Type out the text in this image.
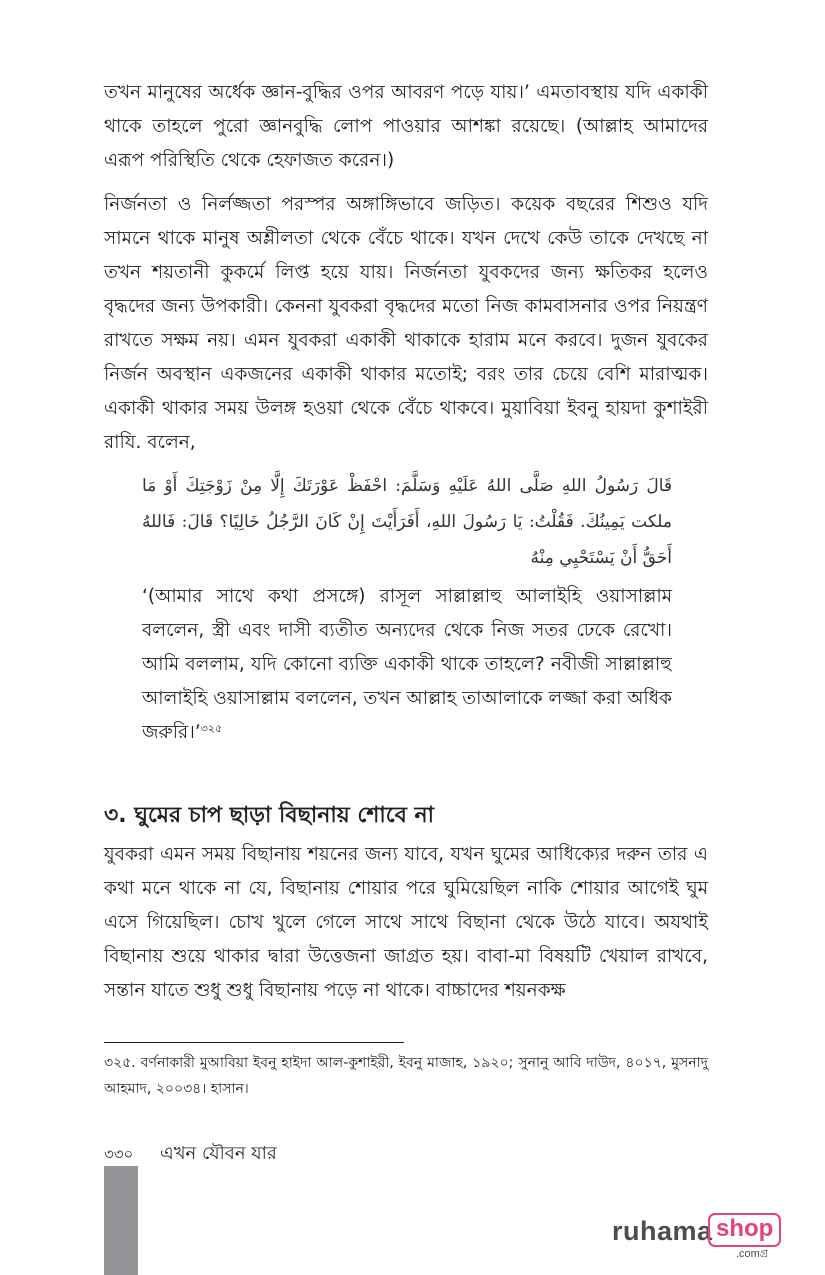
তখন মানুষের অর্ধেক জ্ঞান-বুদ্ধির ওপর আবরণ পড়ে যায়।’ এমতাবস্থায় যদি একাকী থাকে তাহলে পুরো জ্ঞানবুদ্ধি লোপ পাওয়ার আশঙ্কা রয়েছে। (আল্লাহ আমাদের এরূপ পরিস্থিতি থেকে হেফাজত করেন।)

নির্জনতা ও নির্লজ্জতা পরস্পর অঙ্গাঙ্গিভাবে জড়িত। কয়েক বছরের শিশুও যদি সামনে থাকে মানুষ অশ্লীলতা থেকে বেঁচে থাকে। যখন দেখে কেউ তাকে দেখছে না তখন শয়তানী কুকর্মে লিপ্ত হয়ে যায়। নির্জনতা যুবকদের জন্য ক্ষতিকর হলেও বৃদ্ধদের জন্য উপকারী। কেননা যুবকরা বৃদ্ধদের মতো নিজ কামবাসনার ওপর নিয়ন্ত্রণ রাখতে সক্ষম নয়। এমন যুবকরা একাকী থাকাকে হারাম মনে করবে। দুজন যুবকের নির্জন অবস্থান একজনের একাকী থাকার মতোই; বরং তার চেয়ে বেশি মারাত্মক। একাকী থাকার সময় উলঙ্গ হওয়া থেকে বেঁচে থাকবে। মুয়াবিয়া ইবনু হায়দা কুশাইরী রাযি. বলেন,

قَالَ رَسُولُ اللهِ صَلَّى اللهُ عَلَيْهِ وَسَلَّمَ: احْفَظْ عَوْرَتَكَ إِلَّا مِنْ زَوْجَتِكَ أَوْ مَا ملكت يَمِينُكَ. فَقُلْتُ: يَا رَسُولَ اللهِ، أَفَرَأَيْتَ إِنْ كَانَ الرَّجُلُ خَالِيًا؟ قَالَ: فَاللهُ أَحَقُّ أَنْ يَسْتَحْيِي مِنْهُ

‘(আমার সাথে কথা প্রসঙ্গে) রাসূল সাল্লাল্লাহু আলাইহি ওয়াসাল্লাম বললেন, স্ত্রী এবং দাসী ব্যতীত অন্যদের থেকে নিজ সতর ঢেকে রেখো। আমি বললাম, যদি কোনো ব্যক্তি একাকী থাকে তাহলে? নবীজী সাল্লাল্লাহু আলাইহি ওয়াসাল্লাম বললেন, তখন আল্লাহ তাআলাকে লজ্জা করা অধিক জরুরি।’$^{৩২৫}$

৩. ঘুমের চাপ ছাড়া বিছানায় শোবে না

যুবকরা এমন সময় বিছানায় শয়নের জন্য যাবে, যখন ঘুমের আধিক্যের দরুন তার এ কথা মনে থাকে না যে, বিছানায় শোয়ার পরে ঘুমিয়েছিল নাকি শোয়ার আগেই ঘুম এসে গিয়েছিল। চোখ খুলে গেলে সাথে সাথে বিছানা থেকে উঠে যাবে। অযথাই বিছানায় শুয়ে থাকার দ্বারা উত্তেজনা জাগ্রত হয়। বাবা-মা বিষয়টি খেয়াল রাখবে, সন্তান যাতে শুধু শুধু বিছানায় পড়ে না থাকে। বাচ্চাদের শয়নকক্ষ

৩২৫. বর্ণনাকারী মুআবিয়া ইবনু হাইদা আল-কুশাইরী, ইবনু মাজাহ, ১৯২০; সুনানু আবি দাউদ, ৪০১৭, মুসনাদু আহমাদ, ২০০৩৪। হাসান।

৩৩০	এখন যৌবন যার

ruhama shop
.comগ্র
